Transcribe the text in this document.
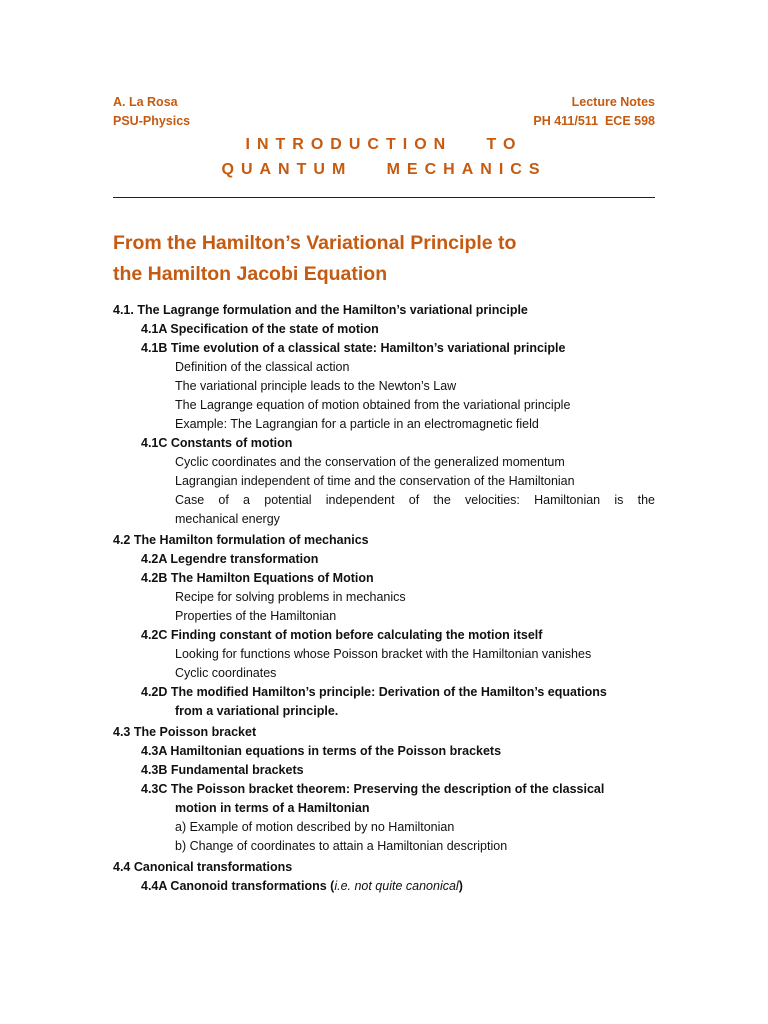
A. La Rosa
PSU-Physics
Lecture Notes
PH 411/511  ECE 598
INTRODUCTION   TO
QUANTUM   MECHANICS
From the Hamilton’s Variational Principle to
the Hamilton Jacobi Equation
4.1. The Lagrange formulation and the Hamilton’s variational principle
4.1A Specification of the state of motion
4.1B Time evolution of a classical state: Hamilton’s variational principle
Definition of the classical action
The variational principle leads to the Newton’s Law
The Lagrange equation of motion obtained from the variational principle
Example: The Lagrangian for a particle in an electromagnetic field
4.1C Constants of motion
Cyclic coordinates and the conservation of the generalized momentum
Lagrangian independent of time and the conservation of the Hamiltonian
Case of a potential independent of the velocities: Hamiltonian is the
mechanical energy
4.2 The Hamilton formulation of mechanics
4.2A Legendre transformation
4.2B The Hamilton Equations of Motion
Recipe for solving problems in mechanics
Properties of the Hamiltonian
4.2C Finding constant of motion before calculating the motion itself
Looking for functions whose Poisson bracket with the Hamiltonian vanishes
Cyclic coordinates
4.2D The modified Hamilton’s principle: Derivation of the Hamilton’s equations
from a variational principle.
4.3 The Poisson bracket
4.3A Hamiltonian equations in terms of the Poisson brackets
4.3B Fundamental brackets
4.3C The Poisson bracket theorem: Preserving the description of the classical
motion in terms of a Hamiltonian
a) Example of motion described by no Hamiltonian
b) Change of coordinates to attain a Hamiltonian description
4.4 Canonical transformations
4.4A Canonoid transformations (i.e. not quite canonical)
